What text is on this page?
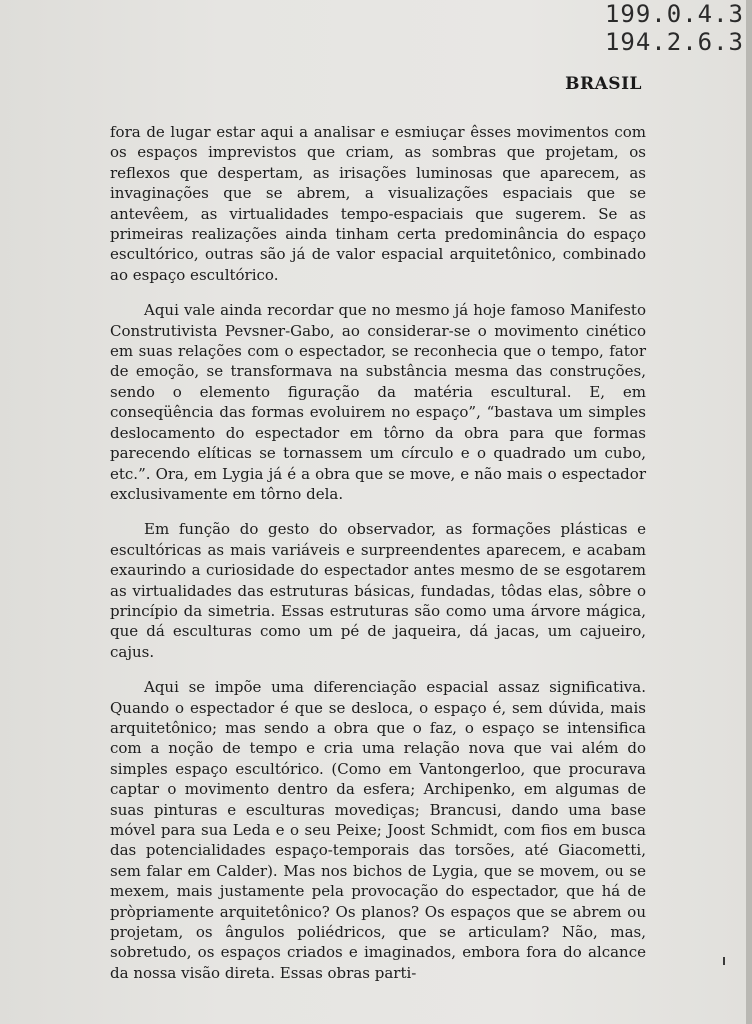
199.0.4.3
194.2.6.3
BRASIL

fora de lugar estar aqui a analisar e esmiuçar êsses movimentos com os espaços imprevistos que criam, as sombras que projetam, os reflexos que despertam, as irisações luminosas que aparecem, as invaginações que se abrem, a visualizações espaciais que se antevêem, as virtualidades tempo-espaciais que sugerem. Se as primeiras realizações ainda tinham certa predominância do espaço escultórico, outras são já de valor espacial arquitetônico, combinado ao espaço escultórico.

Aqui vale ainda recordar que no mesmo já hoje famoso Manifesto Construtivista Pevsner-Gabo, ao considerar-se o movimento cinético em suas relações com o espectador, se reconhecia que o tempo, fator de emoção, se transformava na substância mesma das construções, sendo o elemento figuração da matéria escultural. E, em conseqüência das formas evoluirem no espaço”, “bastava um simples deslocamento do espectador em tôrno da obra para que formas parecendo elíticas se tornassem um círculo e o quadrado um cubo, etc.”. Ora, em Lygia já é a obra que se move, e não mais o espectador exclusivamente em tôrno dela.

Em função do gesto do observador, as formações plásticas e escultóricas as mais variáveis e surpreendentes aparecem, e acabam exaurindo a curiosidade do espectador antes mesmo de se esgotarem as virtualidades das estruturas básicas, fundadas, tôdas elas, sôbre o princípio da simetria. Essas estruturas são como uma árvore mágica, que dá esculturas como um pé de jaqueira, dá jacas, um cajueiro, cajus.

Aqui se impõe uma diferenciação espacial assaz significativa. Quando o espectador é que se desloca, o espaço é, sem dúvida, mais arquitetônico; mas sendo a obra que o faz, o espaço se intensifica com a noção de tempo e cria uma relação nova que vai além do simples espaço escultórico. (Como em Vantongerloo, que procurava captar o movimento dentro da esfera; Archipenko, em algumas de suas pinturas e esculturas movediças; Brancusi, dando uma base móvel para sua Leda e o seu Peixe; Joost Schmidt, com fios em busca das potencialidades espaço-temporais das torsões, até Giacometti, sem falar em Calder). Mas nos bichos de Lygia, que se movem, ou se mexem, mais justamente pela provocação do espectador, que há de pròpriamente arquitetônico? Os planos? Os espaços que se abrem ou projetam, os ângulos poliédricos, que se articulam? Não, mas, sobretudo, os espaços criados e imaginados, embora fora do alcance da nossa visão direta. Essas obras parti-
